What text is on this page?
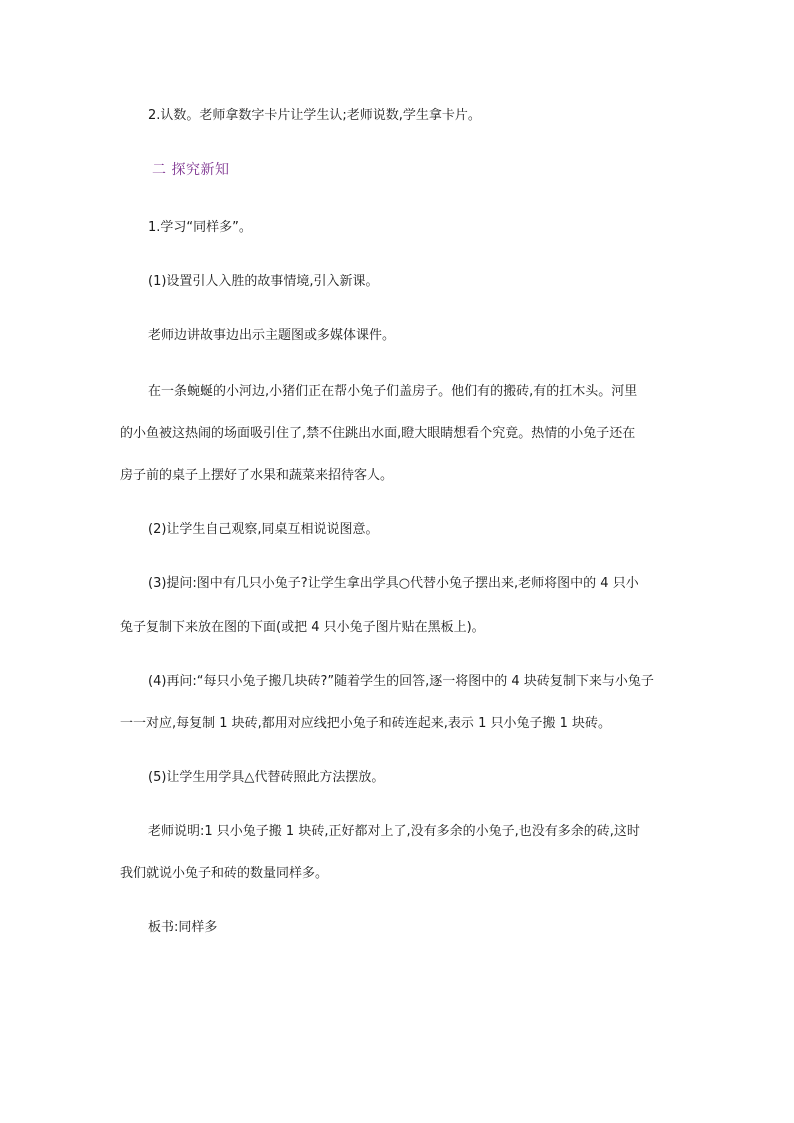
2.认数。老师拿数字卡片让学生认;老师说数,学生拿卡片。

二 探究新知

1.学习“同样多”。

(1)设置引人入胜的故事情境,引入新课。

老师边讲故事边出示主题图或多媒体课件。

在一条蜿蜒的小河边,小猪们正在帮小兔子们盖房子。他们有的搬砖,有的扛木头。河里

的小鱼被这热闹的场面吸引住了,禁不住跳出水面,瞪大眼睛想看个究竟。热情的小兔子还在

房子前的桌子上摆好了水果和蔬菜来招待客人。

(2)让学生自己观察,同桌互相说说图意。

(3)提问:图中有几只小兔子?让学生拿出学具○代替小兔子摆出来,老师将图中的 4 只小

兔子复制下来放在图的下面(或把 4 只小兔子图片贴在黑板上)。

(4)再问:“每只小兔子搬几块砖?”随着学生的回答,逐一将图中的 4 块砖复制下来与小兔子

一一对应,每复制 1 块砖,都用对应线把小兔子和砖连起来,表示 1 只小兔子搬 1 块砖。

(5)让学生用学具△代替砖照此方法摆放。

老师说明:1 只小兔子搬 1 块砖,正好都对上了,没有多余的小兔子,也没有多余的砖,这时

我们就说小兔子和砖的数量同样多。

板书:同样多
